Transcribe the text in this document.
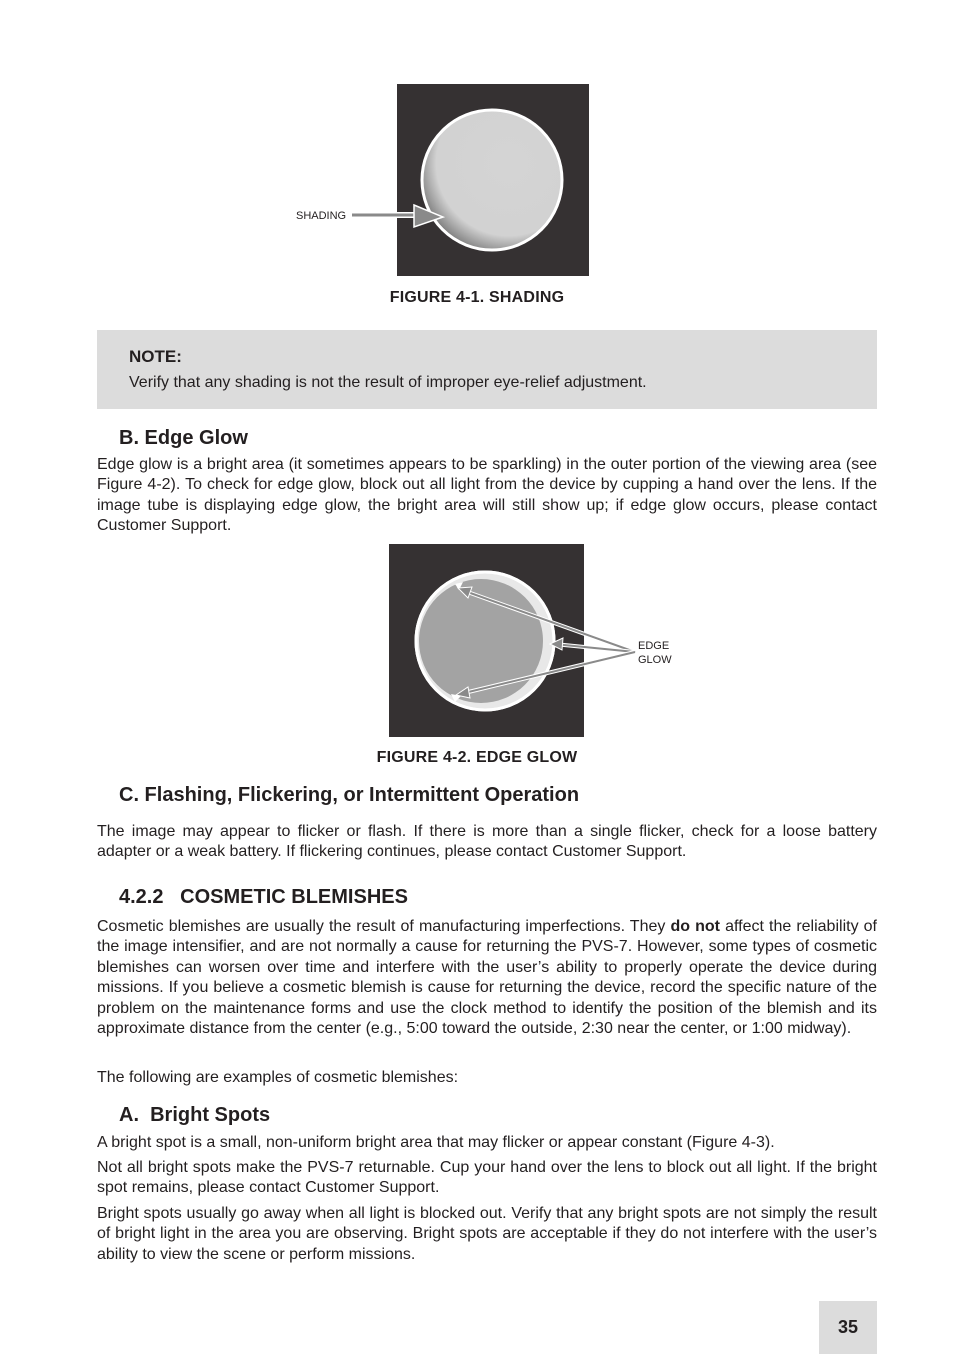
SHADING
FIGURE 4-1. SHADING
NOTE:
Verify that any shading is not the result of improper eye-relief adjustment.
B. Edge Glow

Edge glow is a bright area (it sometimes appears to be sparkling) in the outer portion of the viewing area (see Figure 4-2). To check for edge glow, block out all light from the device by cupping a hand over the lens. If the image tube is displaying edge glow, the bright area will still show up; if edge glow occurs, please contact Customer Support.

EDGE
GLOW
FIGURE 4-2. EDGE GLOW
C. Flashing, Flickering, or Intermittent Operation

The image may appear to flicker or flash. If there is more than a single flicker, check for a loose battery adapter or a weak battery. If flickering continues, please contact Customer Support.

4.2.2   COSMETIC BLEMISHES

Cosmetic blemishes are usually the result of manufacturing imperfections. They do not affect the reliability of the image intensifier, and are not normally a cause for returning the PVS-7. However, some types of cosmetic blemishes can worsen over time and interfere with the user’s ability to properly operate the device during missions. If you believe a cosmetic blemish is cause for returning the device, record the specific nature of the problem on the maintenance forms and use the clock method to identify the position of the blemish and its approximate distance from the center (e.g., 5:00 toward the outside, 2:30 near the center, or 1:00 midway).

The following are examples of cosmetic blemishes:

A.  Bright Spots

A bright spot is a small, non-uniform bright area that may flicker or appear constant (Figure 4-3).

Not all bright spots make the PVS-7 returnable. Cup your hand over the lens to block out all light. If the bright spot remains, please contact Customer Support.

Bright spots usually go away when all light is blocked out. Verify that any bright spots are not simply the result of bright light in the area you are observing. Bright spots are acceptable if they do not interfere with the user’s ability to view the scene or perform missions.

35
